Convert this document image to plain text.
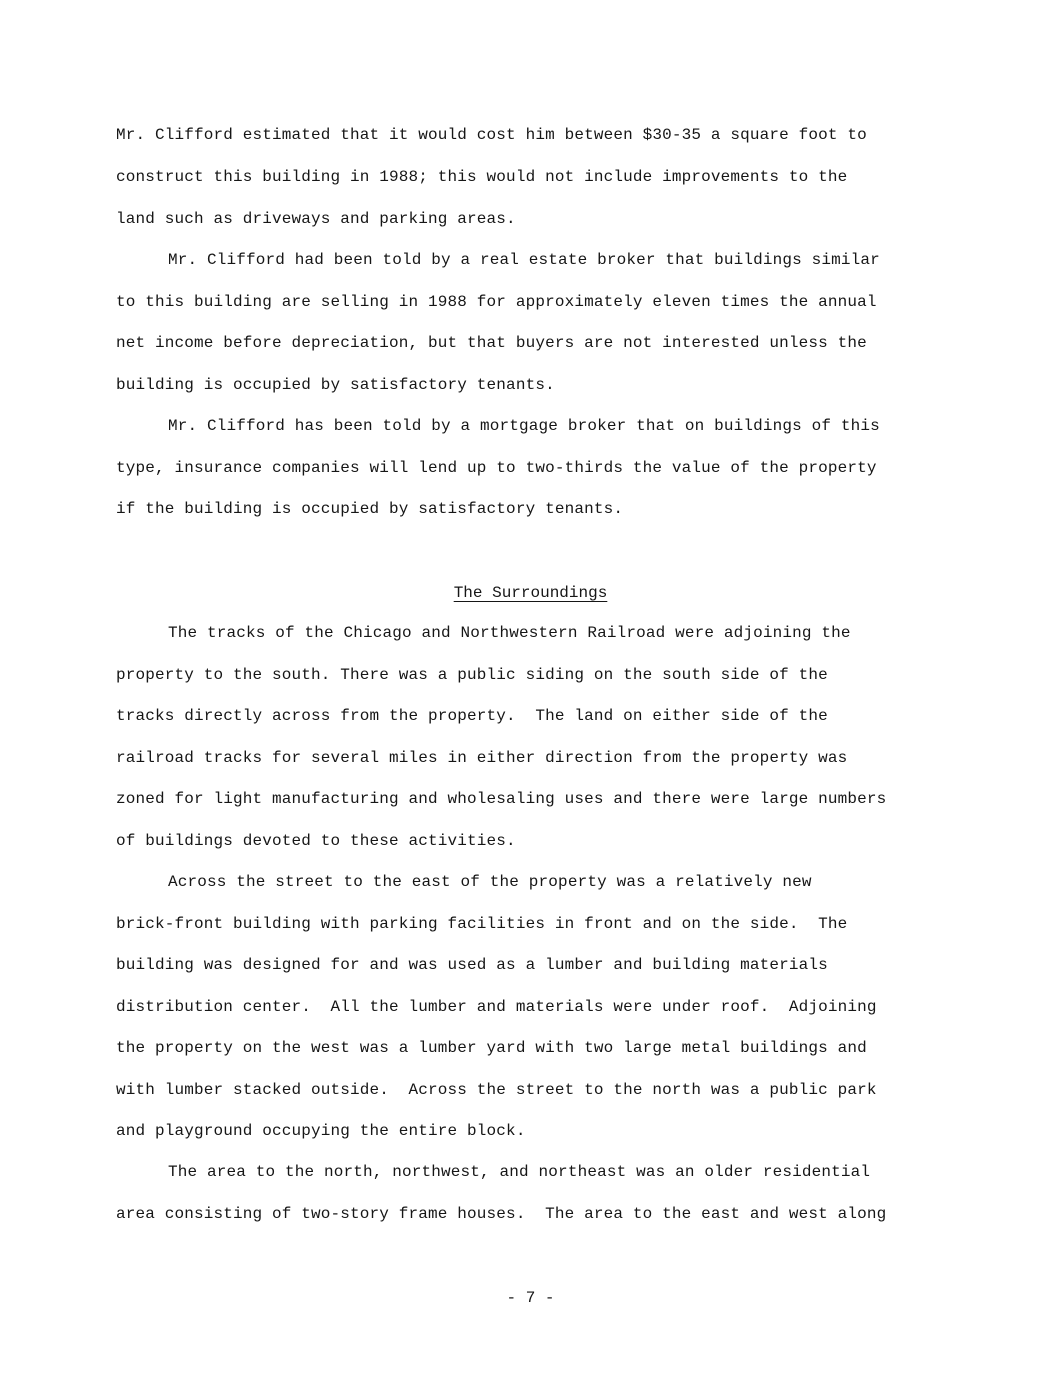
Mr. Clifford estimated that it would cost him between $30-35 a square foot to
construct this building in 1988; this would not include improvements to the
land such as driveways and parking areas.
Mr. Clifford had been told by a real estate broker that buildings similar
to this building are selling in 1988 for approximately eleven times the annual
net income before depreciation, but that buyers are not interested unless the
building is occupied by satisfactory tenants.
Mr. Clifford has been told by a mortgage broker that on buildings of this
type, insurance companies will lend up to two-thirds the value of the property
if the building is occupied by satisfactory tenants.
The Surroundings
The tracks of the Chicago and Northwestern Railroad were adjoining the
property to the south. There was a public siding on the south side of the
tracks directly across from the property.  The land on either side of the
railroad tracks for several miles in either direction from the property was
zoned for light manufacturing and wholesaling uses and there were large numbers
of buildings devoted to these activities.
Across the street to the east of the property was a relatively new
brick-front building with parking facilities in front and on the side.  The
building was designed for and was used as a lumber and building materials
distribution center.  All the lumber and materials were under roof.  Adjoining
the property on the west was a lumber yard with two large metal buildings and
with lumber stacked outside.  Across the street to the north was a public park
and playground occupying the entire block.
The area to the north, northwest, and northeast was an older residential
area consisting of two-story frame houses.  The area to the east and west along
- 7 -
